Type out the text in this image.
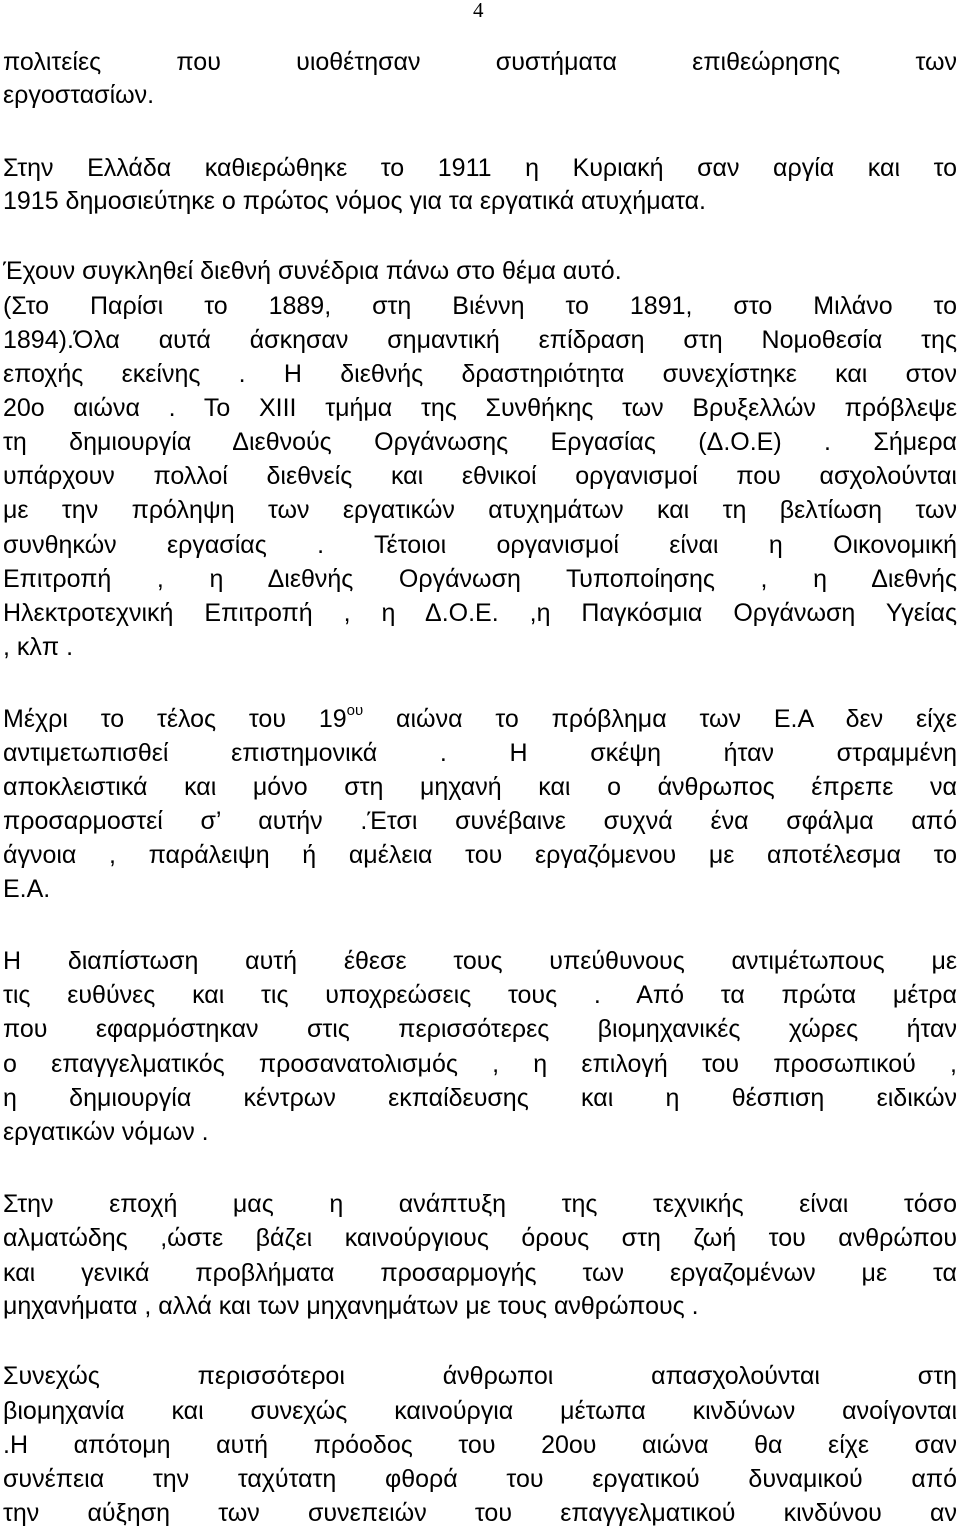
4
πολιτείες που υιοθέτησαν συστήματα επιθεώρησης των
εργοστασίων.
Στην Ελλάδα καθιερώθηκε το 1911 η Κυριακή σαν αργία και το
1915 δημοσιεύτηκε ο πρώτος νόμος για τα εργατικά ατυχήματα.
Έχουν συγκληθεί διεθνή συνέδρια πάνω στο θέμα αυτό.
(Στο Παρίσι το 1889, στη Βιέννη το 1891, στο Μιλάνο το
1894).Όλα αυτά άσκησαν σημαντική επίδραση στη Νομοθεσία της
εποχής εκείνης . Η διεθνής δραστηριότητα συνεχίστηκε και στον
20ο αιώνα . Το XIII τμήμα της Συνθήκης των Βρυξελλών πρόβλεψε
τη δημιουργία Διεθνούς Οργάνωσης Εργασίας (Δ.Ο.Ε) . Σήμερα
υπάρχουν πολλοί διεθνείς και εθνικοί οργανισμοί που ασχολούνται
με την πρόληψη των εργατικών ατυχημάτων και τη βελτίωση των
συνθηκών εργασίας . Τέτοιοι οργανισμοί είναι η Οικονομική
Επιτροπή , η Διεθνής Οργάνωση Τυποποίησης , η Διεθνής
Ηλεκτροτεχνική Επιτροπή , η Δ.Ο.Ε. ,η Παγκόσμια Οργάνωση Υγείας
, κλπ .
Μέχρι το τέλος του $19^{o\upsilon}$ αιώνα το πρόβλημα των Ε.Α δεν είχε
αντιμετωπισθεί επιστημονικά . Η σκέψη ήταν στραμμένη
αποκλειστικά και μόνο στη μηχανή και ο άνθρωπος έπρεπε να
προσαρμοστεί σ’ αυτήν .Έτσι συνέβαινε συχνά ένα σφάλμα από
άγνοια , παράλειψη ή αμέλεια του εργαζόμενου με αποτέλεσμα το
Ε.Α.
Η διαπίστωση αυτή έθεσε τους υπεύθυνους αντιμέτωπους με
τις ευθύνες και τις υποχρεώσεις τους . Από τα πρώτα μέτρα
που εφαρμόστηκαν στις περισσότερες βιομηχανικές χώρες ήταν
ο επαγγελματικός προσανατολισμός , η επιλογή του προσωπικού ,
η δημιουργία κέντρων εκπαίδευσης και η θέσπιση ειδικών
εργατικών νόμων .
Στην εποχή μας η ανάπτυξη της τεχνικής είναι τόσο
αλματώδης ,ώστε βάζει καινούργιους όρους στη ζωή του ανθρώπου
και γενικά προβλήματα προσαρμογής των εργαζομένων με τα
μηχανήματα , αλλά και των μηχανημάτων με τους ανθρώπους .
Συνεχώς περισσότεροι άνθρωποι απασχολούνται στη
βιομηχανία και συνεχώς καινούργια μέτωπα κινδύνων ανοίγονται
.Η απότομη αυτή πρόοδος του 20ου αιώνα θα είχε σαν
συνέπεια την ταχύτατη φθορά του εργατικού δυναμικού από
την αύξηση των συνεπειών του επαγγελματικού κινδύνου αν
